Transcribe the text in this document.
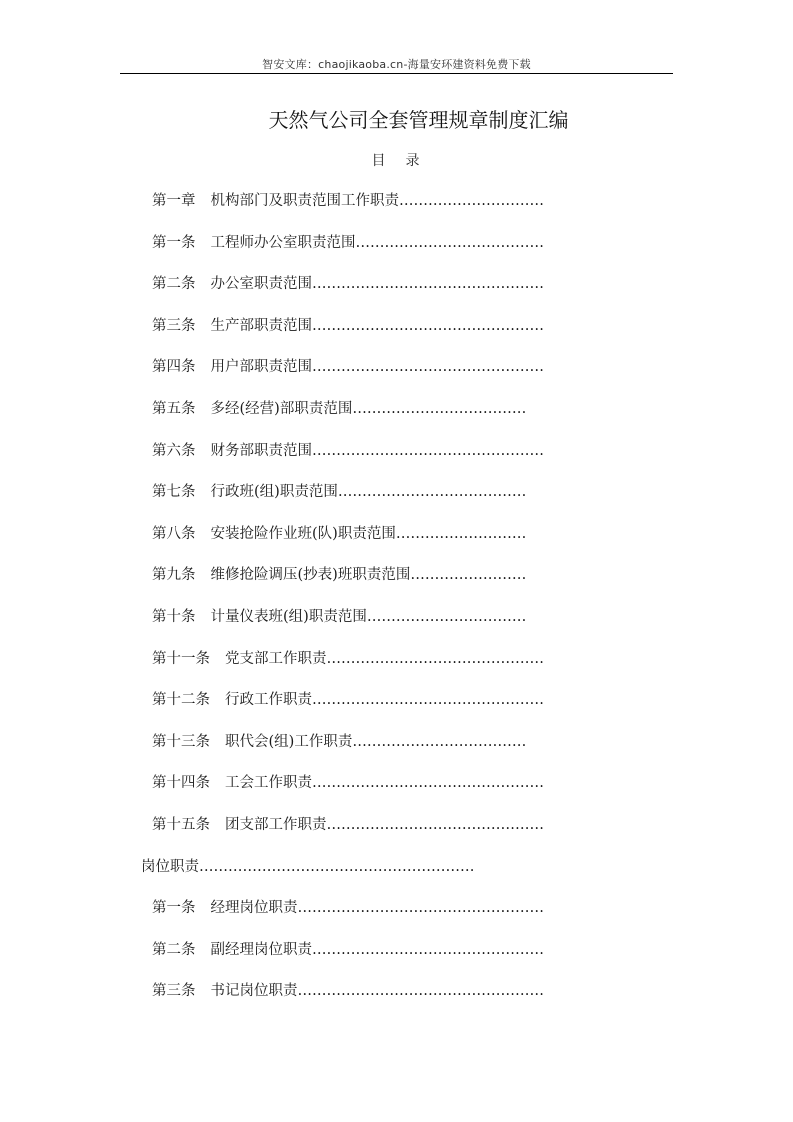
智安文库：chaojikaoba.cn-海量安环建资料免费下载
天然气公司全套管理规章制度汇编
目 录
第一章 机构部门及职责范围工作职责…………………………
第一条 工程师办公室职责范围…………………………………
第二条 办公室职责范围…………………………………………
第三条 生产部职责范围…………………………………………
第四条 用户部职责范围…………………………………………
第五条 多经(经营)部职责范围………………………………
第六条 财务部职责范围…………………………………………
第七条 行政班(组)职责范围…………………………………
第八条 安装抢险作业班(队)职责范围………………………
第九条 维修抢险调压(抄表)班职责范围……………………
第十条 计量仪表班(组)职责范围……………………………
第十一条 党支部工作职责………………………………………
第十二条 行政工作职责…………………………………………
第十三条 职代会(组)工作职责………………………………
第十四条 工会工作职责…………………………………………
第十五条 团支部工作职责………………………………………
岗位职责…………………………………………………
第一条 经理岗位职责……………………………………………
第二条 副经理岗位职责…………………………………………
第三条 书记岗位职责……………………………………………
